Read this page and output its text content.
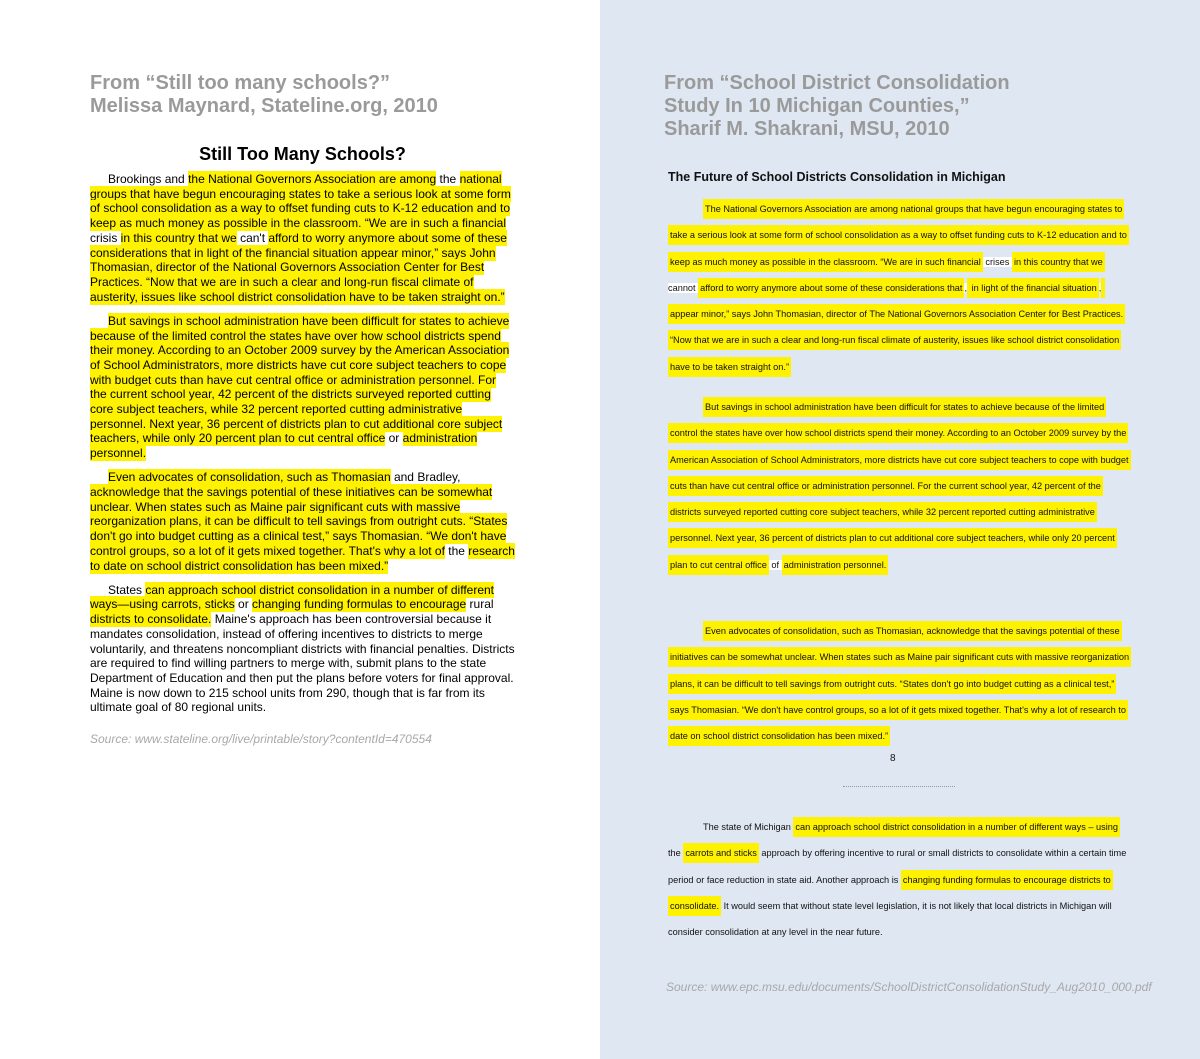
From “Still too many schools?”
Melissa Maynard, Stateline.org, 2010
Still Too Many Schools?

Brookings and the National Governors Association are among the national groups that have begun encouraging states to take a serious look at some form of school consolidation as a way to offset funding cuts to K-12 education and to keep as much money as possible in the classroom. “We are in such a financial crisis in this country that we can't afford to worry anymore about some of these considerations that in light of the financial situation appear minor,” says John Thomasian, director of the National Governors Association Center for Best Practices. “Now that we are in such a clear and long-run fiscal climate of austerity, issues like school district consolidation have to be taken straight on.”

But savings in school administration have been difficult for states to achieve because of the limited control the states have over how school districts spend their money. According to an October 2009 survey by the American Association of School Administrators, more districts have cut core subject teachers to cope with budget cuts than have cut central office or administration personnel. For the current school year, 42 percent of the districts surveyed reported cutting core subject teachers, while 32 percent reported cutting administrative personnel. Next year, 36 percent of districts plan to cut additional core subject teachers, while only 20 percent plan to cut central office or administration personnel.

Even advocates of consolidation, such as Thomasian and Bradley, acknowledge that the savings potential of these initiatives can be somewhat unclear. When states such as Maine pair significant cuts with massive reorganization plans, it can be difficult to tell savings from outright cuts. “States don't go into budget cutting as a clinical test,” says Thomasian. “We don't have control groups, so a lot of it gets mixed together. That's why a lot of the research to date on school district consolidation has been mixed.”

States can approach school district consolidation in a number of different ways—using carrots, sticks or changing funding formulas to encourage rural districts to consolidate. Maine's approach has been controversial because it mandates consolidation, instead of offering incentives to districts to merge voluntarily, and threatens noncompliant districts with financial penalties. Districts are required to find willing partners to merge with, submit plans to the state Department of Education and then put the plans before voters for final approval. Maine is now down to 215 school units from 290, though that is far from its ultimate goal of 80 regional units.

Source: www.stateline.org/live/printable/story?contentId=470554
From “School District Consolidation
Study In 10 Michigan Counties,”
Sharif M. Shakrani, MSU, 2010
The Future of School Districts Consolidation in Michigan

The National Governors Association are among national groups that have begun encouraging states to take a serious look at some form of school consolidation as a way to offset funding cuts to K-12 education and to keep as much money as possible in the classroom. “We are in such financial crises in this country that we cannot afford to worry anymore about some of these considerations that , in light of the financial situation , appear minor,” says John Thomasian, director of The National Governors Association Center for Best Practices. “Now that we are in such a clear and long-run fiscal climate of austerity, issues like school district consolidation have to be taken straight on.”

But savings in school administration have been difficult for states to achieve because of the limited control the states have over how school districts spend their money. According to an October 2009 survey by the American Association of School Administrators, more districts have cut core subject teachers to cope with budget cuts than have cut central office or administration personnel. For the current school year, 42 percent of the districts surveyed reported cutting core subject teachers, while 32 percent reported cutting administrative personnel. Next year, 36 percent of districts plan to cut additional core subject teachers, while only 20 percent plan to cut central office of administration personnel.

Even advocates of consolidation, such as Thomasian, acknowledge that the savings potential of these initiatives can be somewhat unclear. When states such as Maine pair significant cuts with massive reorganization plans, it can be difficult to tell savings from outright cuts. “States don't go into budget cutting as a clinical test,” says Thomasian. “We don't have control groups, so a lot of it gets mixed together. That's why a lot of research to date on school district consolidation has been mixed.”

8

The state of Michigan can approach school district consolidation in a number of different ways – using the carrots and sticks approach by offering incentive to rural or small districts to consolidate within a certain time period or face reduction in state aid. Another approach is changing funding formulas to encourage districts to consolidate. It would seem that without state level legislation, it is not likely that local districts in Michigan will consider consolidation at any level in the near future.

Source: www.epc.msu.edu/documents/SchoolDistrictConsolidationStudy_Aug2010_000.pdf
